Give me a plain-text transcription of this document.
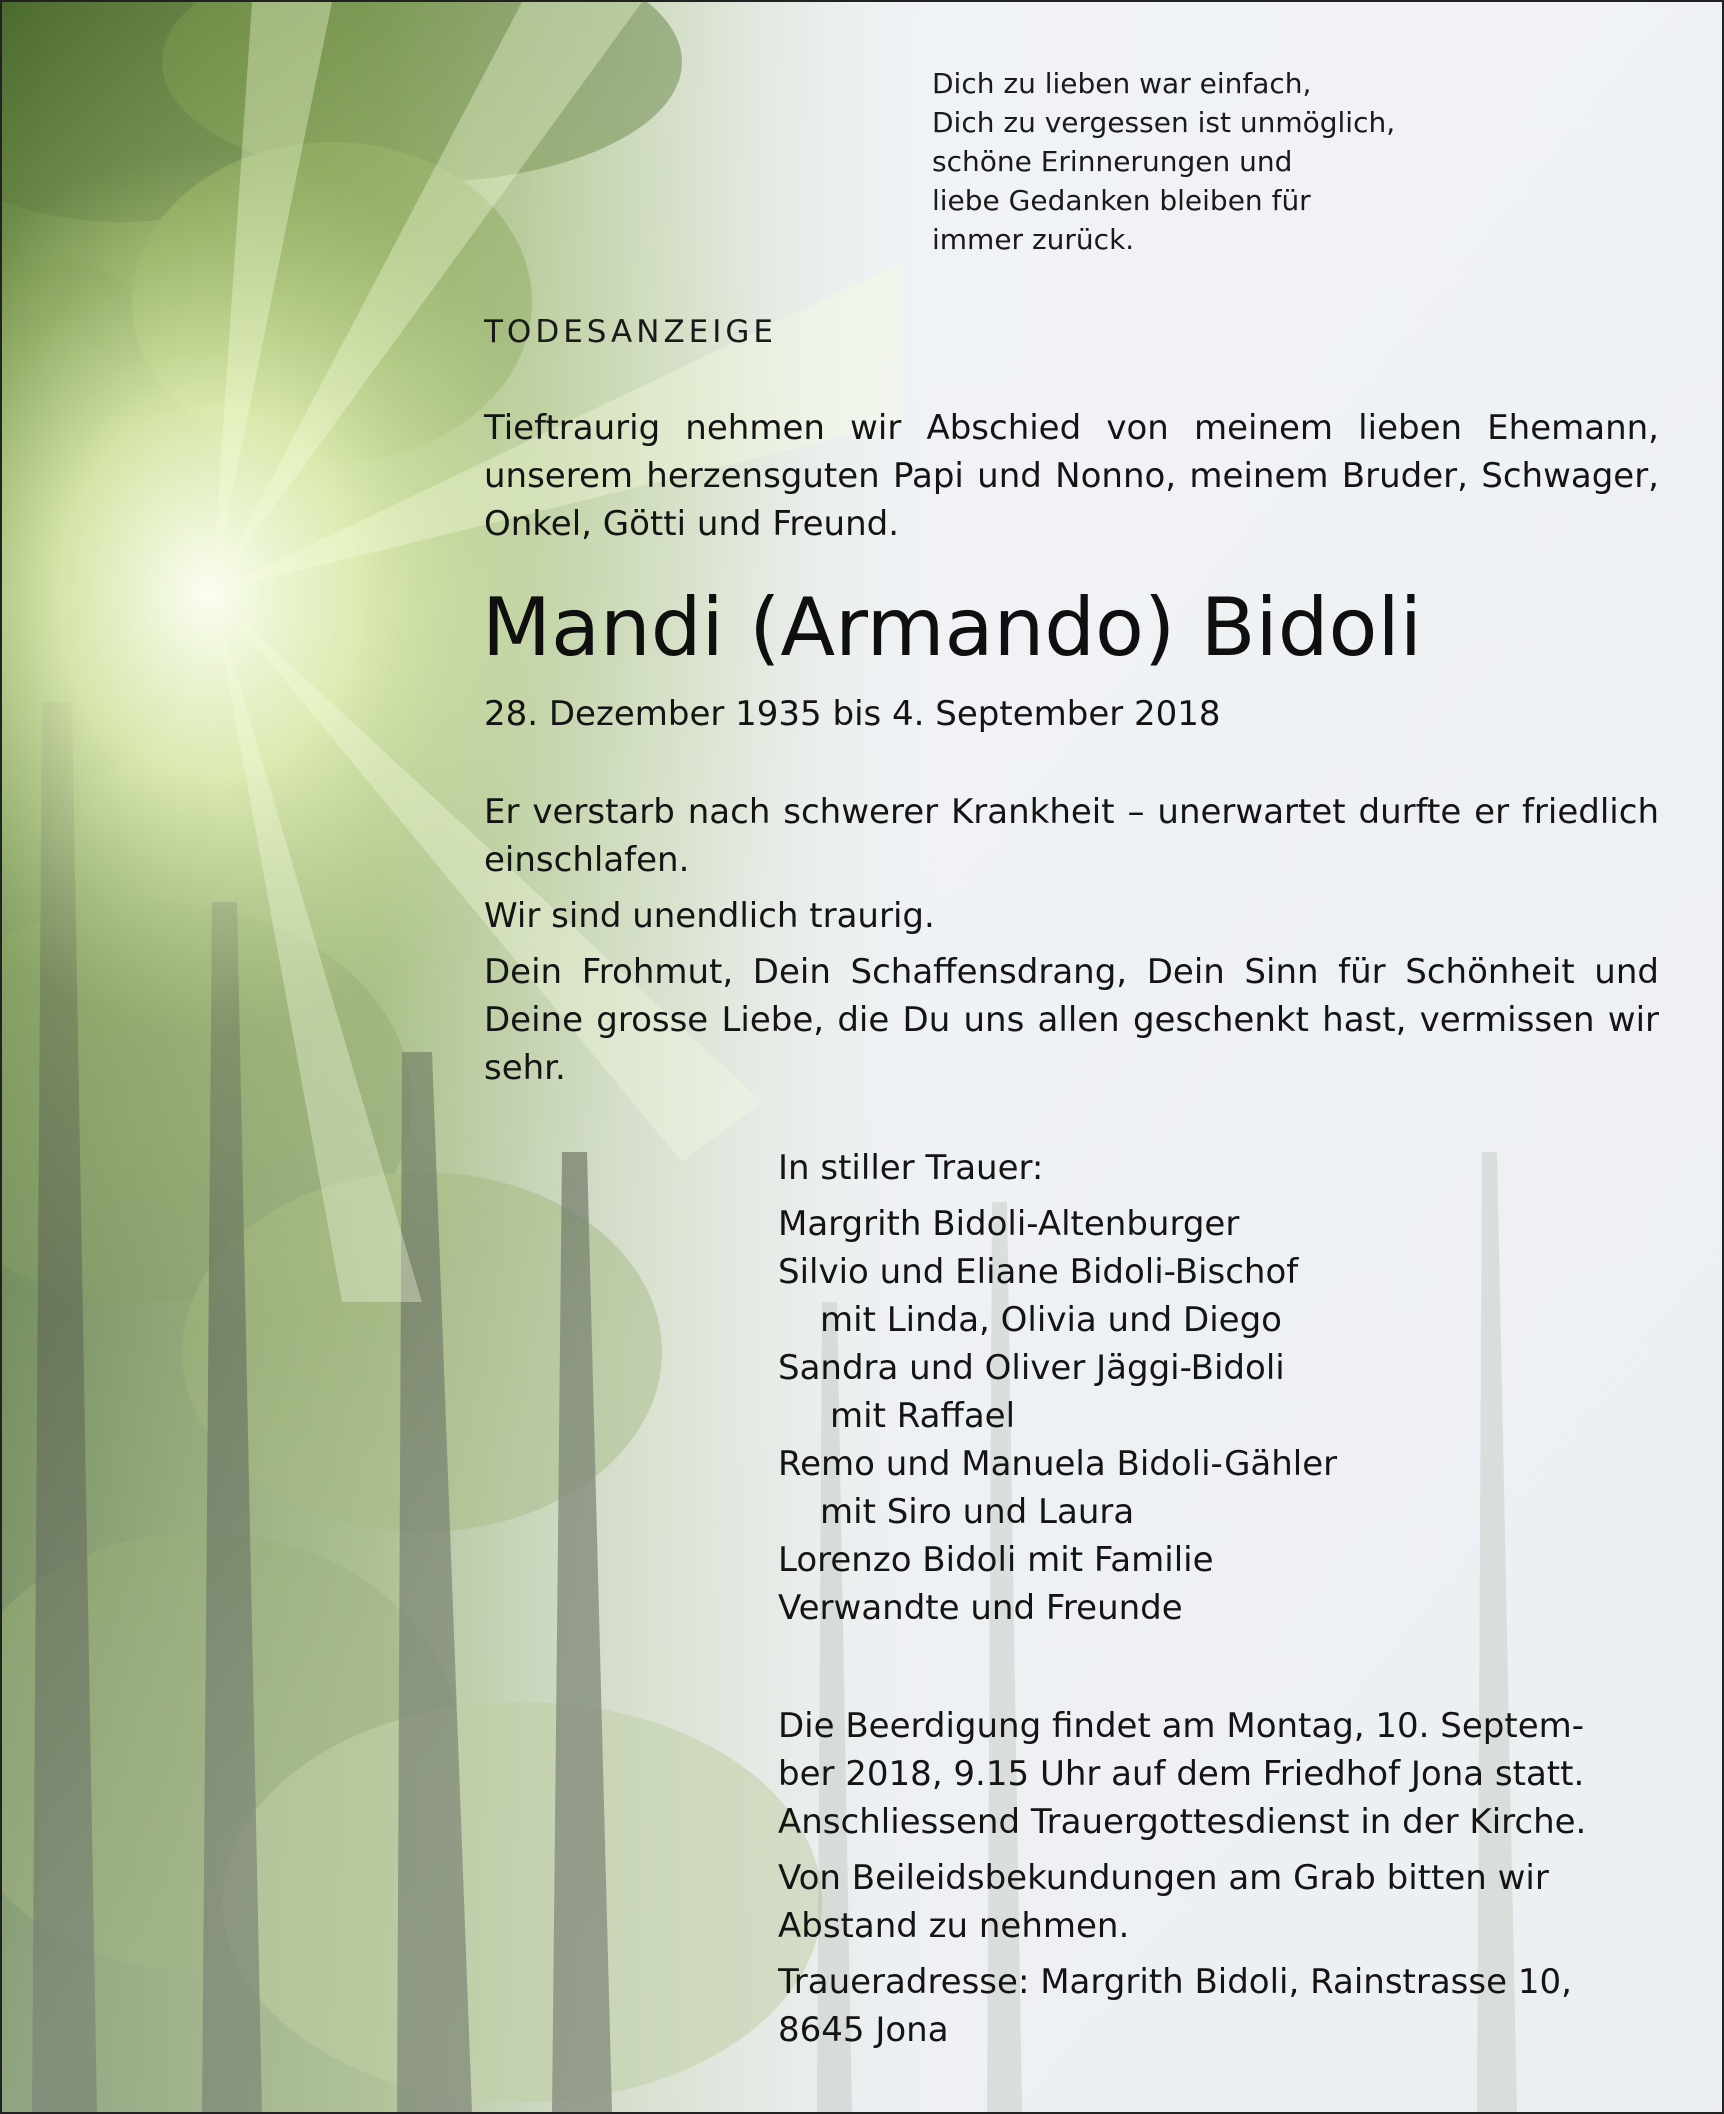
Dich zu lieben war einfach,
Dich zu vergessen ist unmöglich,
schöne Erinnerungen und
liebe Gedanken bleiben für
immer zurück.
TODESANZEIGE
Tieftraurig nehmen wir Abschied von meinem lieben Ehemann, unserem herzensguten Papi und Nonno, meinem Bruder, Schwager, Onkel, Götti und Freund.
Mandi (Armando) Bidoli
28. Dezember 1935 bis 4. September 2018

Er verstarb nach schwerer Krankheit – unerwartet durfte er friedlich einschlafen.

Wir sind unendlich traurig.

Dein Frohmut, Dein Schaffensdrang, Dein Sinn für Schönheit und Deine grosse Liebe, die Du uns allen geschenkt hast, vermissen wir sehr.

In stiller Trauer:
Margrith Bidoli-Altenburger
Silvio und Eliane Bidoli-Bischof
mit Linda, Olivia und Diego
Sandra und Oliver Jäggi-Bidoli
mit Raffael
Remo und Manuela Bidoli-Gähler
mit Siro und Laura
Lorenzo Bidoli mit Familie
Verwandte und Freunde

Die Beerdigung findet am Montag, 10. Septem-ber 2018, 9.15 Uhr auf dem Friedhof Jona statt. Anschliessend Trauergottesdienst in der Kirche.

Von Beileidsbekundungen am Grab bitten wir Abstand zu nehmen.

Traueradresse: Margrith Bidoli, Rainstrasse 10, 8645 Jona
